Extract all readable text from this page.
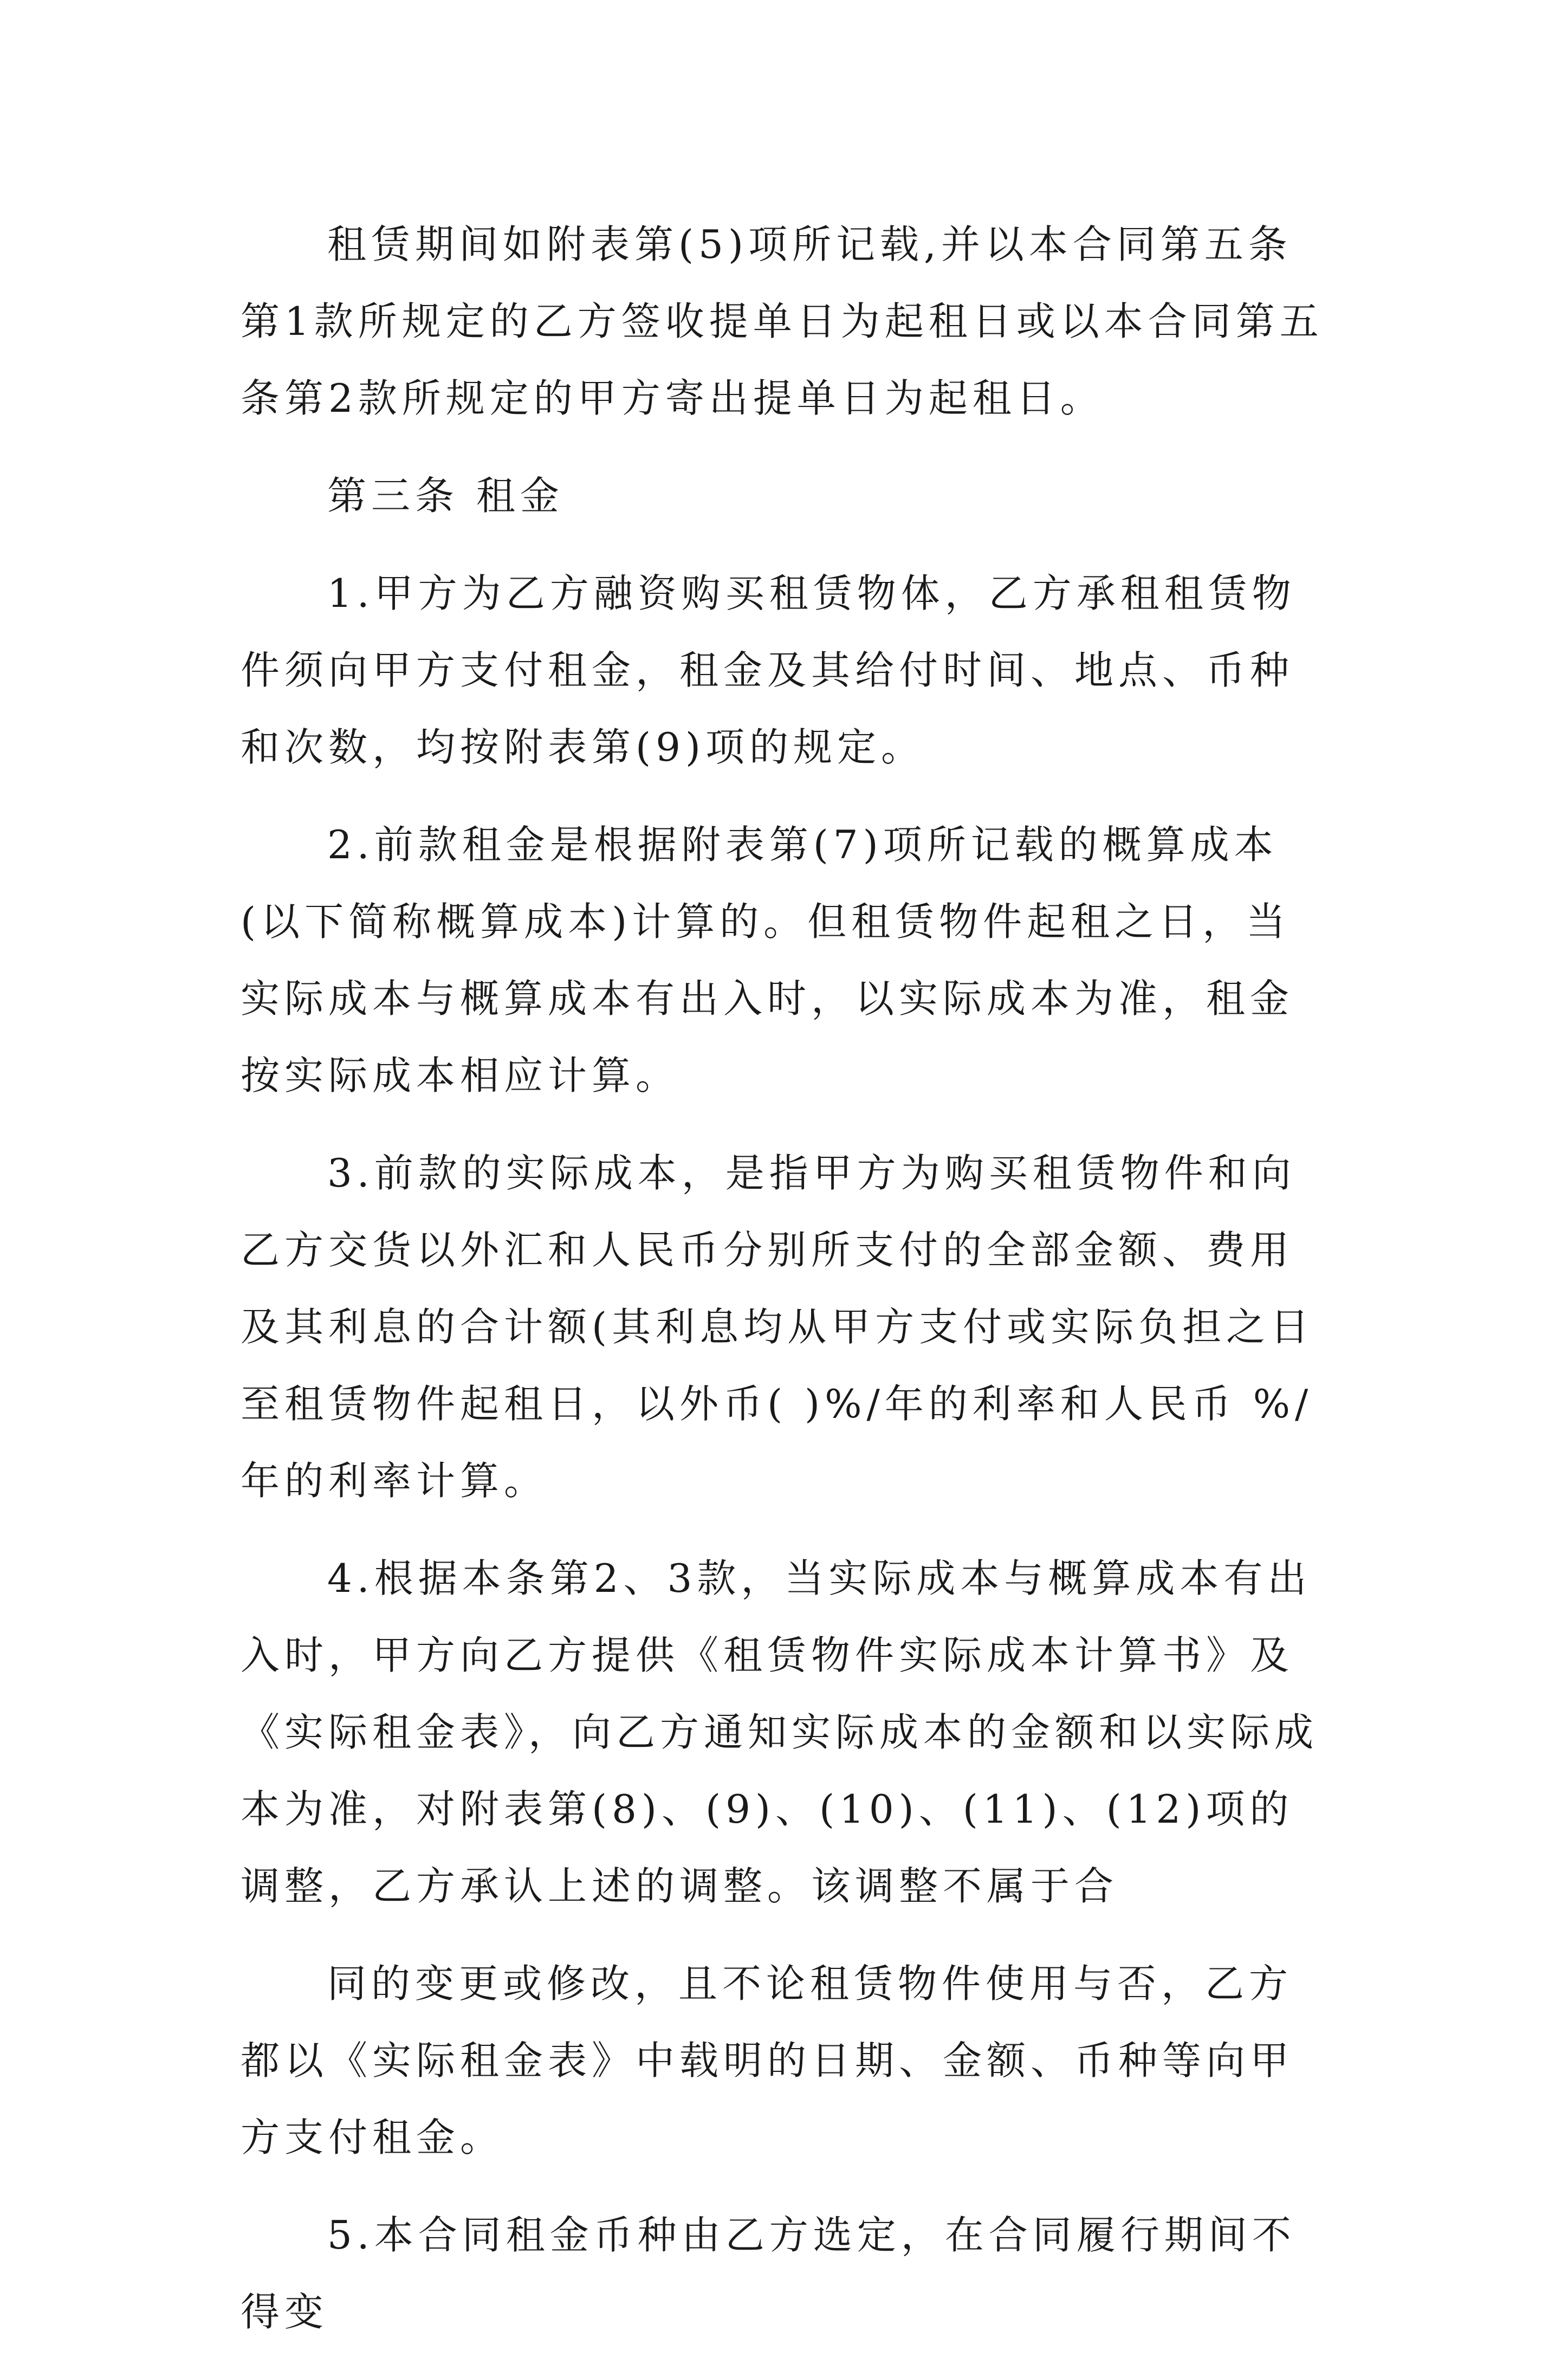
租赁期间如附表第(5)项所记载,并以本合同第五条第1款所规定的乙方签收提单日为起租日或以本合同第五条第2款所规定的甲方寄出提单日为起租日。

第三条 租金

1.甲方为乙方融资购买租赁物体，乙方承租租赁物件须向甲方支付租金，租金及其给付时间、地点、币种和次数，均按附表第(9)项的规定。

2.前款租金是根据附表第(7)项所记载的概算成本(以下简称概算成本)计算的。但租赁物件起租之日，当实际成本与概算成本有出入时，以实际成本为准，租金按实际成本相应计算。

3.前款的实际成本，是指甲方为购买租赁物件和向乙方交货以外汇和人民币分别所支付的全部金额、费用及其利息的合计额(其利息均从甲方支付或实际负担之日至租赁物件起租日，以外币( )%/年的利率和人民币 %/年的利率计算。

4.根据本条第2、3款，当实际成本与概算成本有出入时，甲方向乙方提供《租赁物件实际成本计算书》及《实际租金表》，向乙方通知实际成本的金额和以实际成本为准，对附表第(8)、(9)、(10)、(11)、(12)项的调整，乙方承认上述的调整。该调整不属于合

同的变更或修改，且不论租赁物件使用与否，乙方都以《实际租金表》中载明的日期、金额、币种等向甲方支付租金。

5.本合同租金币种由乙方选定，在合同履行期间不得变
